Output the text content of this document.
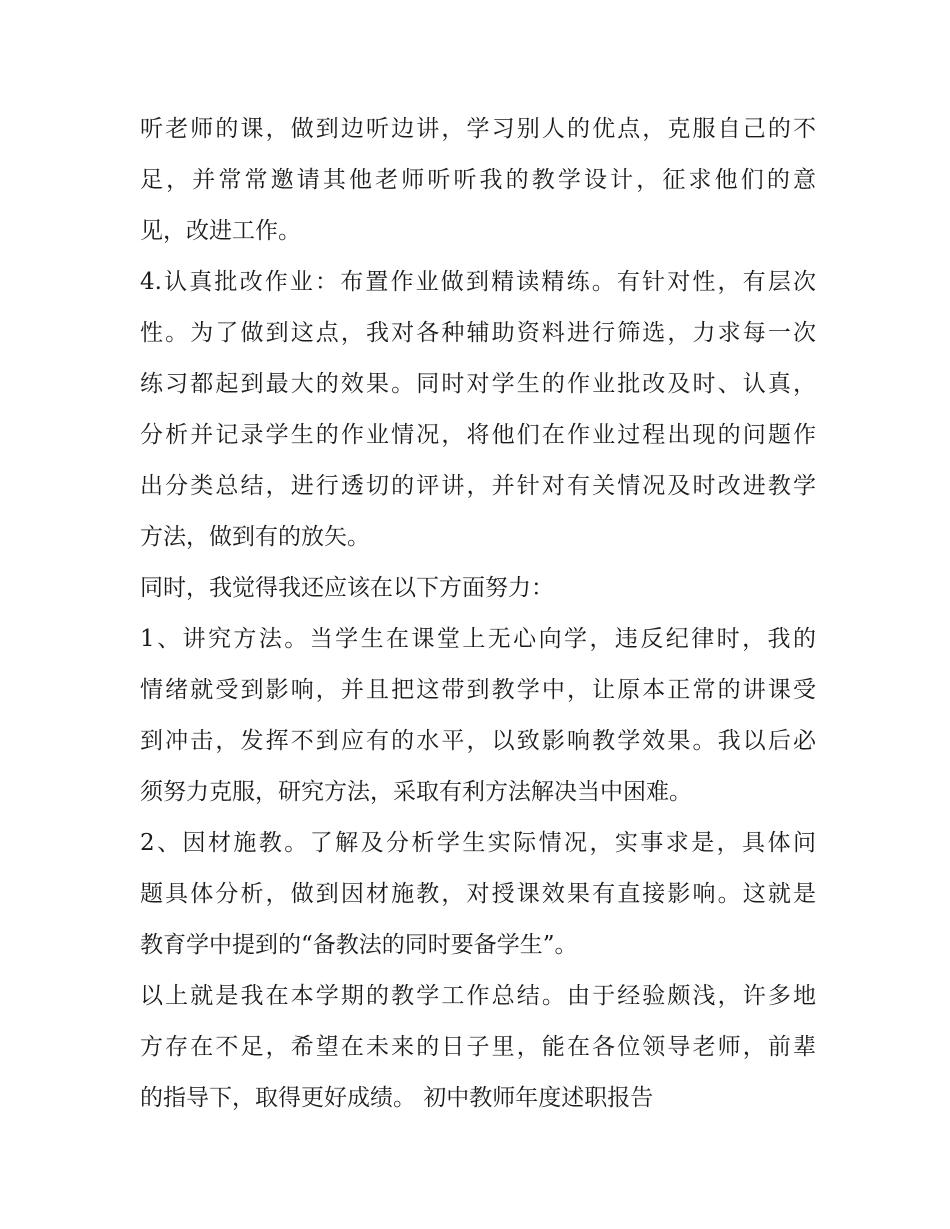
听老师的课，做到边听边讲，学习别人的优点，克服自己的不
足，并常常邀请其他老师听听我的教学设计，征求他们的意
见，改进工作。
4.认真批改作业：布置作业做到精读精练。有针对性，有层次
性。为了做到这点，我对各种辅助资料进行筛选，力求每一次
练习都起到最大的效果。同时对学生的作业批改及时、认真，
分析并记录学生的作业情况，将他们在作业过程出现的问题作
出分类总结，进行透切的评讲，并针对有关情况及时改进教学
方法，做到有的放矢。
同时，我觉得我还应该在以下方面努力：
1、讲究方法。当学生在课堂上无心向学，违反纪律时，我的
情绪就受到影响，并且把这带到教学中，让原本正常的讲课受
到冲击，发挥不到应有的水平，以致影响教学效果。我以后必
须努力克服，研究方法，采取有利方法解决当中困难。
2、因材施教。了解及分析学生实际情况，实事求是，具体问
题具体分析，做到因材施教，对授课效果有直接影响。这就是
教育学中提到的“备教法的同时要备学生”。
以上就是我在本学期的教学工作总结。由于经验颇浅，许多地
方存在不足，希望在未来的日子里，能在各位领导老师，前辈
的指导下，取得更好成绩。 初中教师年度述职报告
